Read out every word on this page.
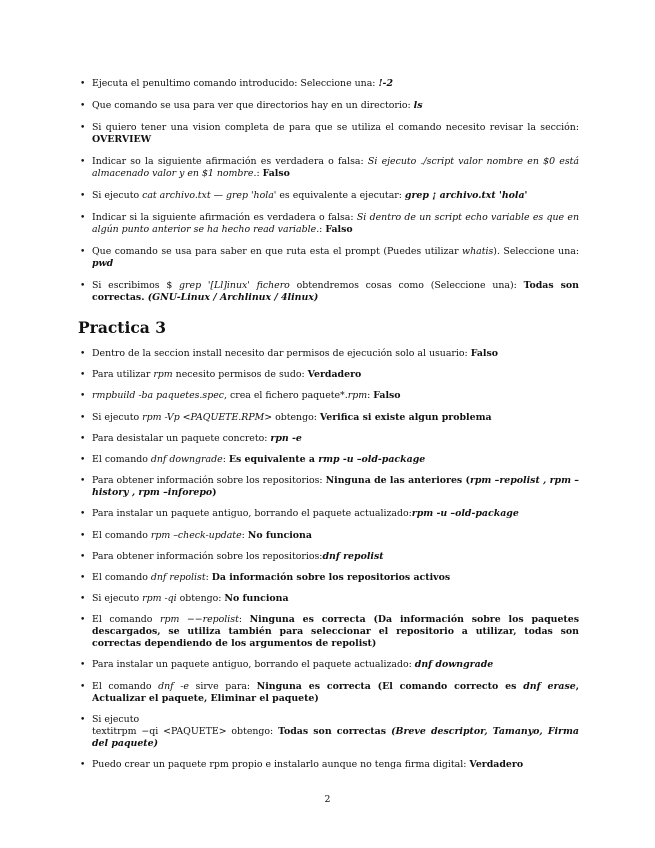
• Ejecuta el penultimo comando introducido: Seleccione una: !-2
• Que comando se usa para ver que directorios hay en un directorio: ls
• Si quiero tener una vision completa de para que se utiliza el comando necesito revisar la sección: OVERVIEW
• Indicar so la siguiente afirmación es verdadera o falsa: Si ejecuto ./script valor nombre en $0 está almacenado valor y en $1 nombre.: Falso
• Si ejecuto cat archivo.txt — grep 'hola' es equivalente a ejecutar: grep ¡ archivo.txt 'hola'
• Indicar si la siguiente afirmación es verdadera o falsa: Si dentro de un script echo variable es que en algún punto anterior se ha hecho read variable.: Falso
• Que comando se usa para saber en que ruta esta el prompt (Puedes utilizar whatis). Seleccione una: pwd
• Si escribimos $ grep '[Ll]inux' fichero obtendremos cosas como (Seleccione una): Todas son correctas. (GNU-Linux / Archlinux / 4linux)
Practica 3
• Dentro de la seccion install necesito dar permisos de ejecución solo al usuario: Falso
• Para utilizar rpm necesito permisos de sudo: Verdadero
• rmpbuild -ba paquetes.spec, crea el fichero paquete*.rpm: Falso
• Si ejecuto rpm -Vp <PAQUETE.RPM> obtengo: Verifica si existe algun problema
• Para desistalar un paquete concreto: rpn -e
• El comando dnf downgrade: Es equivalente a rmp -u –old-package
• Para obtener información sobre los repositorios: Ninguna de las anteriores (rpm –repolist , rpm –history , rpm –inforepo)
• Para instalar un paquete antiguo, borrando el paquete actualizado:rpm -u –old-package
• El comando rpm –check-update: No funciona
• Para obtener información sobre los repositorios:dnf repolist
• El comando dnf repolist: Da información sobre los repositorios activos
• Si ejecuto rpm -qi obtengo: No funciona
• El comando rpm −−repolist: Ninguna es correcta (Da información sobre los paquetes descargados, se utiliza también para seleccionar el repositorio a utilizar, todas son correctas dependiendo de los argumentos de repolist)
• Para instalar un paquete antiguo, borrando el paquete actualizado: dnf downgrade
• El comando dnf -e sirve para: Ninguna es correcta (El comando correcto es dnf erase, Actualizar el paquete, Eliminar el paquete)
• Si ejecuto
textitrpm −qi <PAQUETE> obtengo: Todas son correctas (Breve descriptor, Tamanyo, Firma del paquete)
• Puedo crear un paquete rpm propio e instalarlo aunque no tenga firma digital: Verdadero
2
